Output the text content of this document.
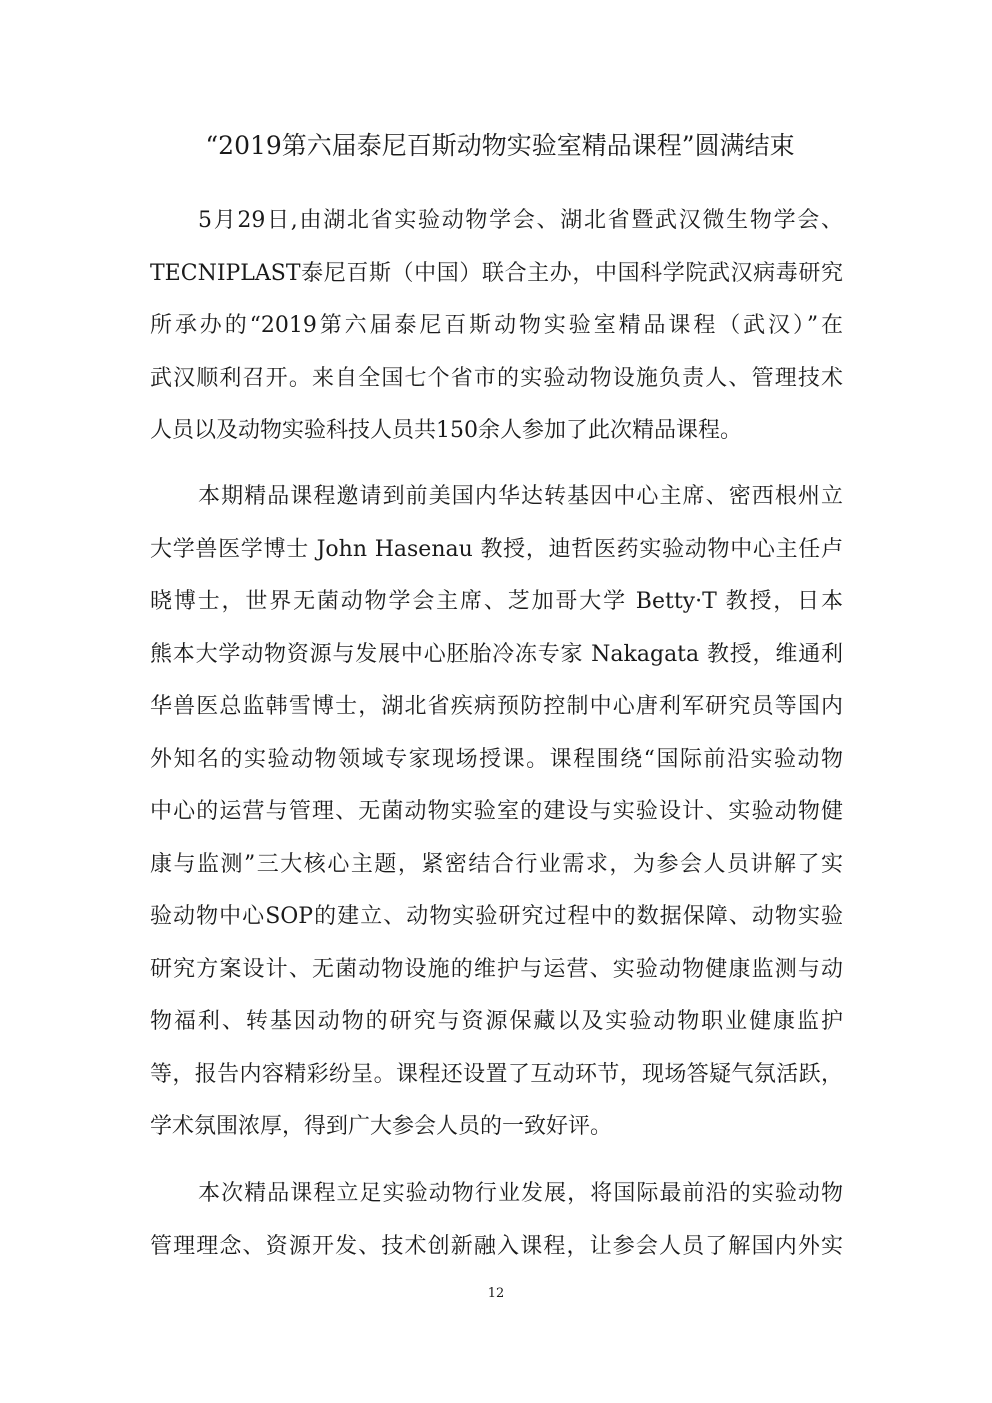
“2019第六届泰尼百斯动物实验室精品课程”圆满结束
5月29日,由湖北省实验动物学会、湖北省暨武汉微生物学会、
TECNIPLAST泰尼百斯（中国）联合主办，中国科学院武汉病毒研究
所承办的“2019第六届泰尼百斯动物实验室精品课程（武汉）”在
武汉顺利召开。来自全国七个省市的实验动物设施负责人、管理技术
人员以及动物实验科技人员共150余人参加了此次精品课程。
本期精品课程邀请到前美国内华达转基因中心主席、密西根州立
大学兽医学博士 John Hasenau 教授，迪哲医药实验动物中心主任卢
晓博士，世界无菌动物学会主席、芝加哥大学 Betty·T 教授，日本
熊本大学动物资源与发展中心胚胎冷冻专家 Nakagata 教授，维通利
华兽医总监韩雪博士，湖北省疾病预防控制中心唐利军研究员等国内
外知名的实验动物领域专家现场授课。课程围绕“国际前沿实验动物
中心的运营与管理、无菌动物实验室的建设与实验设计、实验动物健
康与监测”三大核心主题，紧密结合行业需求，为参会人员讲解了实
验动物中心SOP的建立、动物实验研究过程中的数据保障、动物实验
研究方案设计、无菌动物设施的维护与运营、实验动物健康监测与动
物福利、转基因动物的研究与资源保藏以及实验动物职业健康监护
等，报告内容精彩纷呈。课程还设置了互动环节，现场答疑气氛活跃，
学术氛围浓厚，得到广大参会人员的一致好评。
本次精品课程立足实验动物行业发展，将国际最前沿的实验动物
管理理念、资源开发、技术创新融入课程，让参会人员了解国内外实

12
